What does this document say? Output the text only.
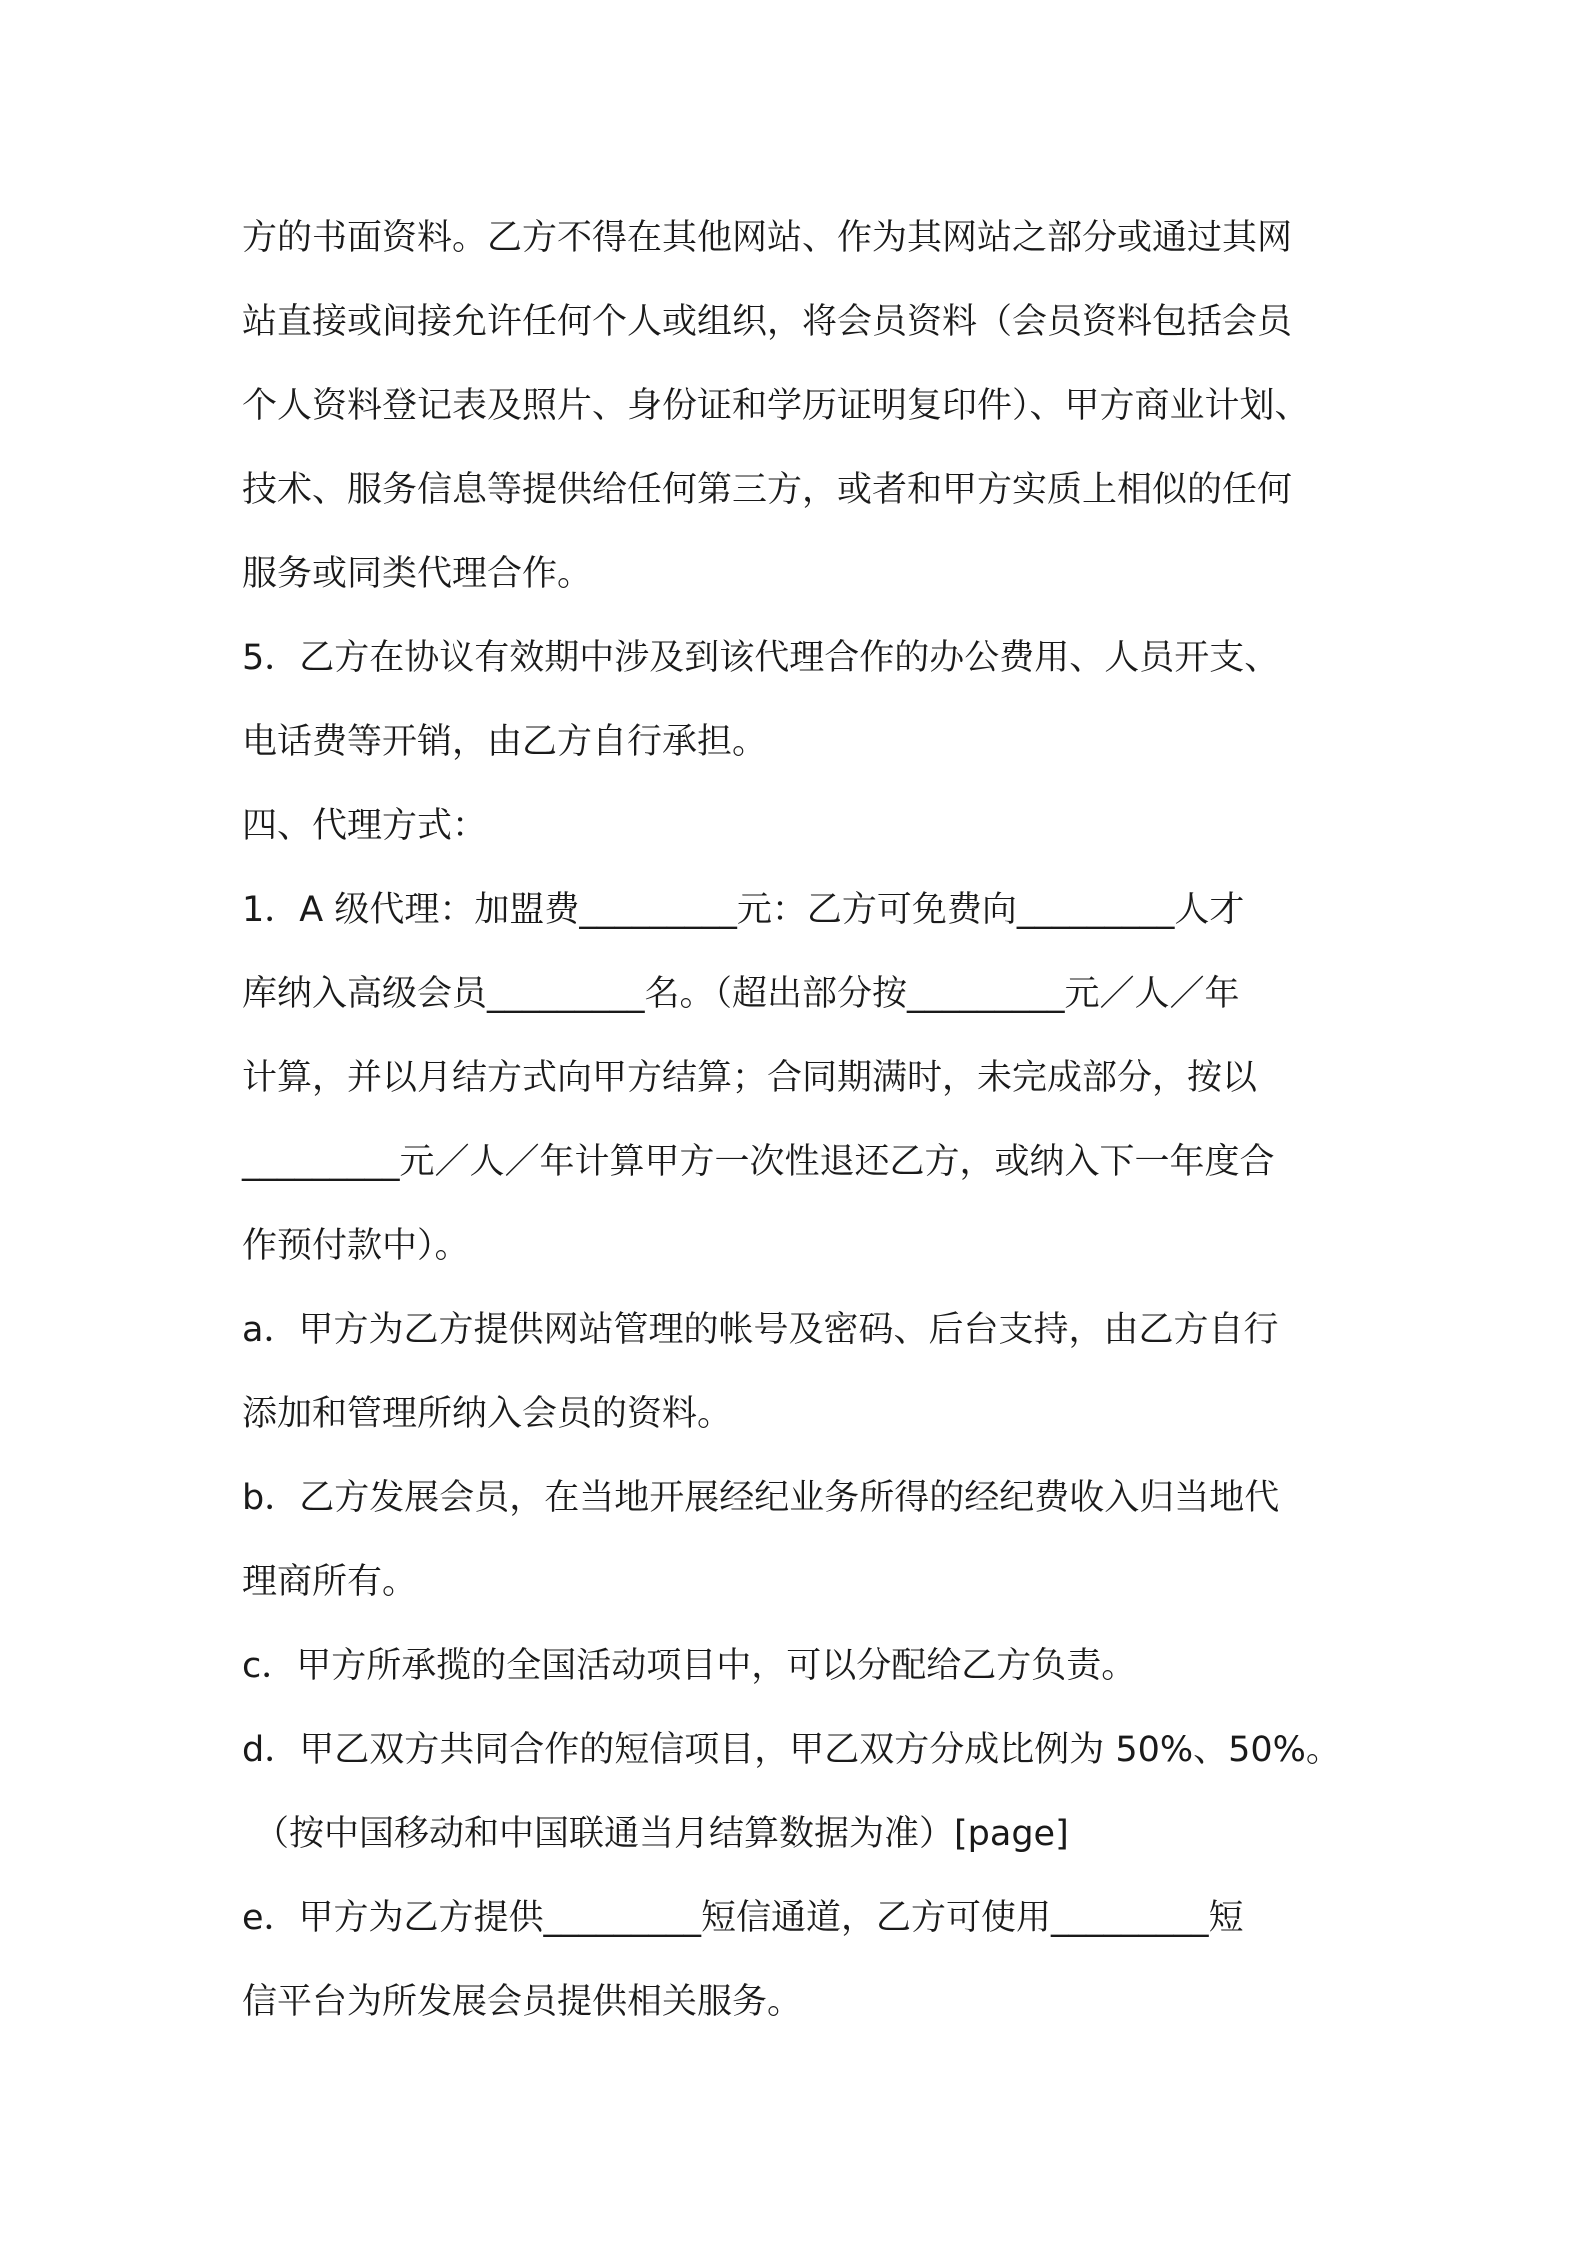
方的书面资料。乙方不得在其他网站、作为其网站之部分或通过其网
站直接或间接允许任何个人或组织，将会员资料（会员资料包括会员
个人资料登记表及照片、身份证和学历证明复印件）、甲方商业计划、
技术、服务信息等提供给任何第三方，或者和甲方实质上相似的任何
服务或同类代理合作。
5．乙方在协议有效期中涉及到该代理合作的办公费用、人员开支、
电话费等开销，由乙方自行承担。
四、代理方式：
1．A 级代理：加盟费_________元：乙方可免费向_________人才
库纳入高级会员_________名。（超出部分按_________元／人／年
计算，并以月结方式向甲方结算；合同期满时，未完成部分，按以
_________元／人／年计算甲方一次性退还乙方，或纳入下一年度合
作预付款中）。
a．甲方为乙方提供网站管理的帐号及密码、后台支持，由乙方自行
添加和管理所纳入会员的资料。
b．乙方发展会员，在当地开展经纪业务所得的经纪费收入归当地代
理商所有。
c．甲方所承揽的全国活动项目中，可以分配给乙方负责。
d．甲乙双方共同合作的短信项目，甲乙双方分成比例为 50%、50%。
（按中国移动和中国联通当月结算数据为准）[page]
e．甲方为乙方提供_________短信通道，乙方可使用_________短
信平台为所发展会员提供相关服务。
